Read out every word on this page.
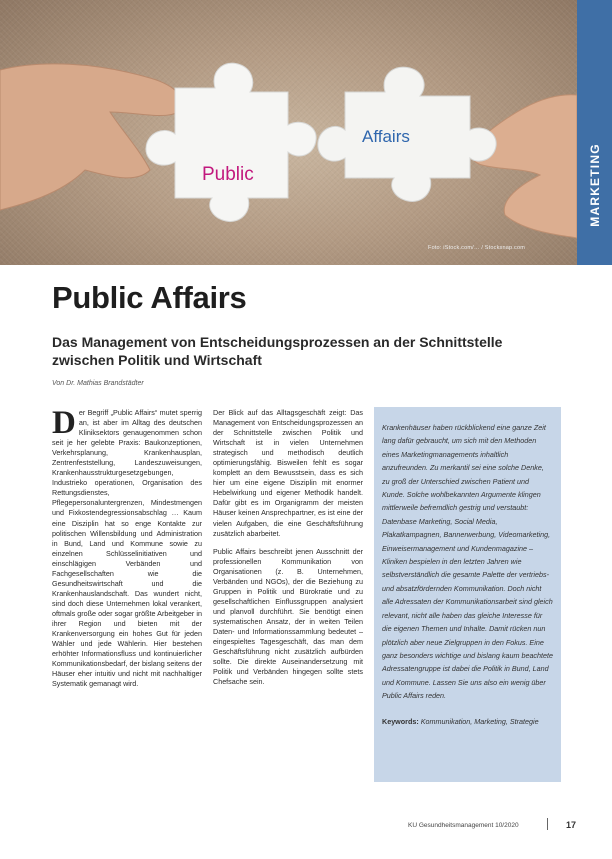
Public
Affairs
Foto: iStock.com/… / Stocksnap.com
MARKETING
Public Affairs
Das Management von Entscheidungsprozessen an der Schnittstelle zwischen Politik und Wirtschaft
Von Dr. Mathias Brandstädter

Der Begriff „Public Affairs“ mutet sperrig an, ist aber im Alltag des deutschen Kliniksektors genaugenommen schon seit je her gelebte Praxis: Baukonzeptionen, Verkehrsplanung, Krankenhausplan, Zentrenfeststellung, Landeszuweisungen, Krankenhausstrukturgesetzgebungen, Industrieko operationen, Organisation des Rettungsdienstes, Pflegepersonaluntergrenzen, Mindestmengen und Fixkostendegressionsabschlag … Kaum eine Disziplin hat so enge Kontakte zur politischen Willensbildung und Administration in Bund, Land und Kommune sowie zu einzelnen Schlüsselinitiativen und einschlägigen Verbänden und Fachgesellschaften wie die Gesundheitswirtschaft und die Krankenhauslandschaft. Das wundert nicht, sind doch diese Unternehmen lokal verankert, oftmals große oder sogar größte Arbeitgeber in ihrer Region und bieten mit der Krankenversorgung ein hohes Gut für jeden Wähler und jede Wählerin. Hier bestehen erhöhter Informationsfluss und kontinuierlicher Kommunikationsbedarf, der bislang seitens der Häuser eher intuitiv und nicht mit nachhaltiger Systematik gemanagt wird.

Der Blick auf das Alltagsgeschäft zeigt: Das Management von Entscheidungsprozessen an der Schnittstelle zwischen Politik und Wirtschaft ist in vielen Unternehmen strategisch und methodisch deutlich optimierungsfähig. Bisweilen fehlt es sogar komplett an dem Bewusstsein, dass es sich hier um eine eigene Disziplin mit enormer Hebelwirkung und eigener Methodik handelt. Dafür gibt es im Organigramm der meisten Häuser keinen Ansprechpartner, es ist eine der vielen Aufgaben, die eine Geschäftsführung zusätzlich abarbeitet.

Public Affairs beschreibt jenen Ausschnitt der professionellen Kommunikation von Organisationen (z. B. Unternehmen, Verbänden und NGOs), der die Beziehung zu Gruppen in Politik und Bürokratie und zu gesellschaftlichen Einflussgruppen analysiert und planvoll durchführt. Sie benötigt einen systematischen Ansatz, der in weiten Teilen Daten- und Informationssammlung bedeutet – eingespieltes Tagesgeschäft, das man dem Geschäftsführung nicht zusätzlich aufbürden sollte. Die direkte Auseinandersetzung mit Politik und Verbänden hingegen sollte stets Chefsache sein.

Krankenhäuser haben rückblickend eine ganze Zeit lang dafür gebraucht, um sich mit den Methoden eines Marketingmanagements inhaltlich anzufreunden. Zu merkantil sei eine solche Denke, zu groß der Unterschied zwischen Patient und Kunde. Solche wohlbekannten Argumente klingen mittlerweile befremdlich gestrig und verstaubt: Datenbase Marketing, Social Media, Plakatkampagnen, Bannerwerbung, Videomarketing, Einweisermanagement und Kundenmagazine – Kliniken bespielen in den letzten Jahren wie selbstverständlich die gesamte Palette der vertriebs- und absatzfördernden Kommunikation. Doch nicht alle Adressaten der Kommunikationsarbeit sind gleich relevant, nicht alle haben das gleiche Interesse für die eigenen Themen und Inhalte. Damit rücken nun plötzlich aber neue Zielgruppen in den Fokus. Eine ganz besonders wichtige und bislang kaum beachtete Adressatengruppe ist dabei die Politik in Bund, Land und Kommune. Lassen Sie uns also ein wenig über Public Affairs reden.

Keywords: Kommunikation, Marketing, Strategie
KU Gesundheitsmanagement 10/2020	17
